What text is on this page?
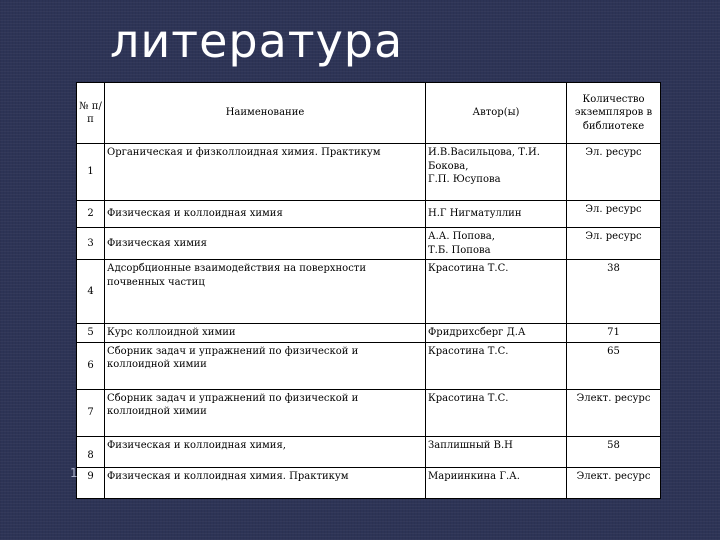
литература
№ п/п	Наименование	Автор(ы)	Количество экземпляров в библиотеке
1	Органическая и физколлоидная химия. Практикум	И.В.Васильцова, Т.И.
Бокова,
Г.П. Юсупова	Эл. ресурс
2	Физическая и коллоидная химия	Н.Г Нигматуллин	Эл. ресурс
3	Физическая химия	А.А. Попова,
Т.Б. Попова	Эл. ресурс
4	Адсорбционные взаимодействия на поверхности почвенных частиц	Красотина Т.С.	38
5	Курс коллоидной химии	Фридрихсберг Д.А	71
6	Сборник задач и упражнений по физической и коллоидной химии	Красотина Т.С.	65
7	Сборник задач и упражнений по физической и коллоидной химии	Красотина Т.С.	Элект. ресурс
8	Физическая и коллоидная химия,	Заплишный В.Н	58
9	Физическая и коллоидная химия. Практикум	Мариинкина Г.А.	Элект. ресурс
1
